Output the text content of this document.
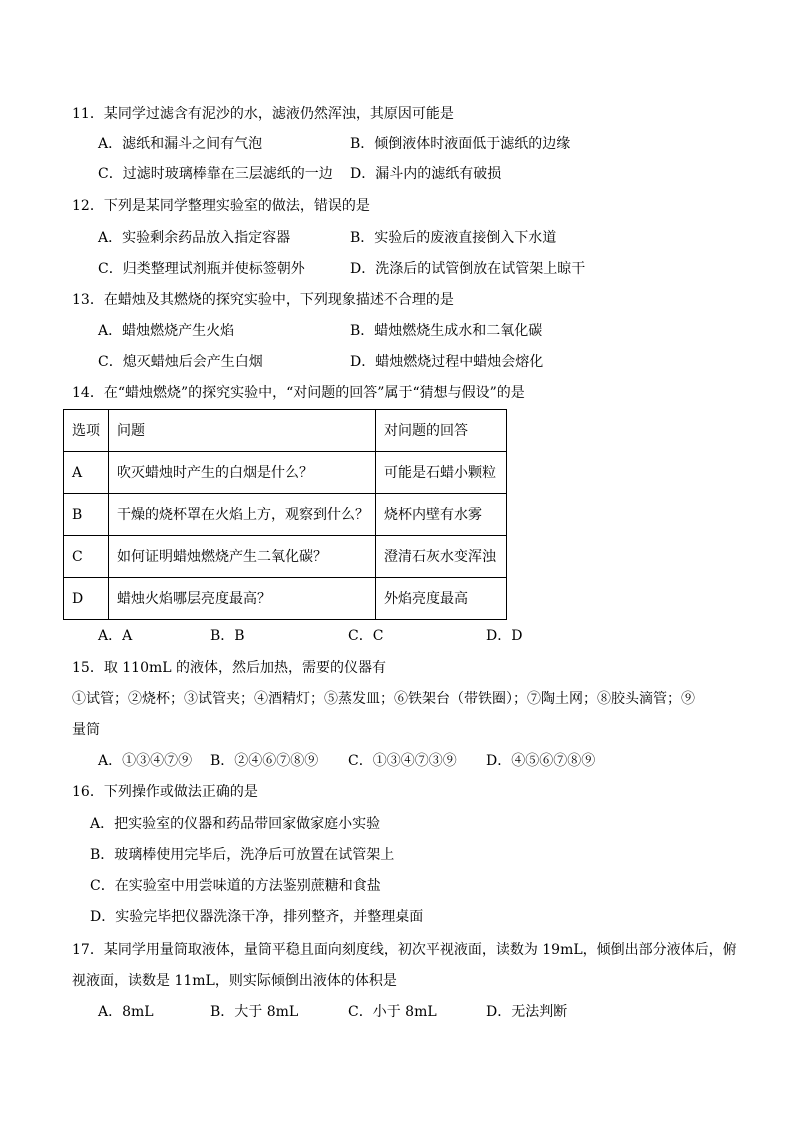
11．某同学过滤含有泥沙的水，滤液仍然浑浊，其原因可能是
A．滤纸和漏斗之间有气泡	B．倾倒液体时液面低于滤纸的边缘
C．过滤时玻璃棒靠在三层滤纸的一边 D．漏斗内的滤纸有破损
12．下列是某同学整理实验室的做法，错误的是
A．实验剩余药品放入指定容器	B．实验后的废液直接倒入下水道
C．归类整理试剂瓶并使标签朝外	D．洗涤后的试管倒放在试管架上晾干
13．在蜡烛及其燃烧的探究实验中，下列现象描述不合理的是
A．蜡烛燃烧产生火焰	B．蜡烛燃烧生成水和二氧化碳
C．熄灭蜡烛后会产生白烟	D．蜡烛燃烧过程中蜡烛会熔化
14．在“蜡烛燃烧”的探究实验中，“对问题的回答”属于“猜想与假设”的是
选项	问题	对问题的回答
A	吹灭蜡烛时产生的白烟是什么？	可能是石蜡小颗粒
B	干燥的烧杯罩在火焰上方，观察到什么？	烧杯内壁有水雾
C	如何证明蜡烛燃烧产生二氧化碳？	澄清石灰水变浑浊
D	蜡烛火焰哪层亮度最高？	外焰亮度最高
A．A	B．B	C．C	D．D
15．取 110mL 的液体，然后加热，需要的仪器有
①试管；②烧杯；③试管夹；④酒精灯；⑤蒸发皿；⑥铁架台（带铁圈）；⑦陶土网；⑧胶头滴管；⑨
量筒
A．①③④⑦⑨ B．②④⑥⑦⑧⑨ C．①③④⑦③⑨ D．④⑤⑥⑦⑧⑨
16．下列操作或做法正确的是
A．把实验室的仪器和药品带回家做家庭小实验
B．玻璃棒使用完毕后，洗净后可放置在试管架上
C．在实验室中用尝味道的方法鉴别蔗糖和食盐
D．实验完毕把仪器洗涤干净，排列整齐，并整理桌面
17．某同学用量筒取液体，量筒平稳且面向刻度线，初次平视液面，读数为 19mL，倾倒出部分液体后，俯
视液面，读数是 11mL，则实际倾倒出液体的体积是
A．8mL	B．大于 8mL	C．小于 8mL	D．无法判断
